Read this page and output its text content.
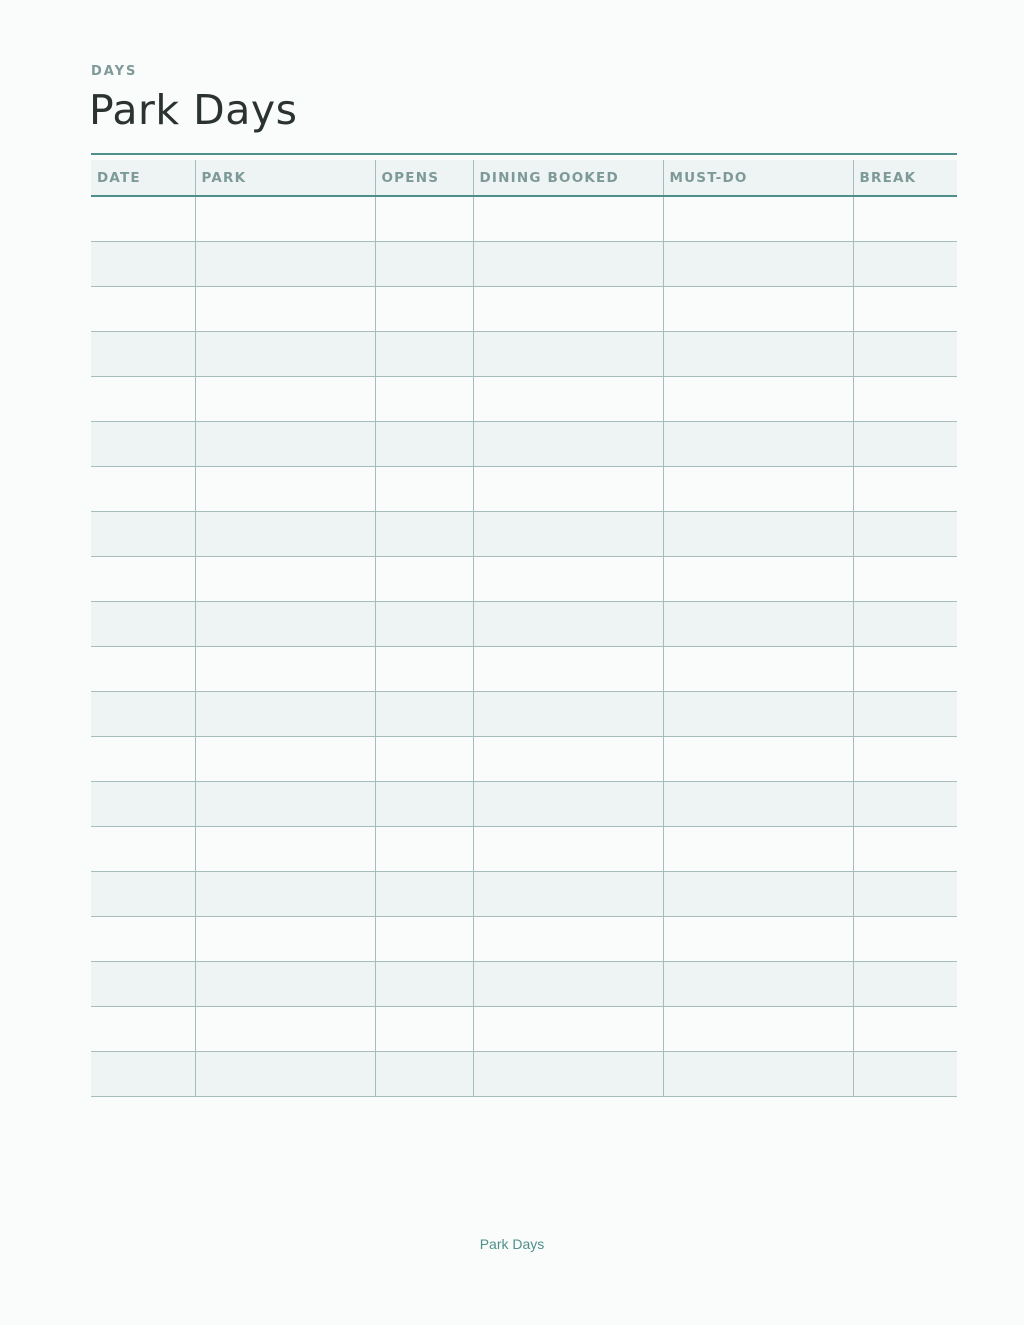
DAYS
Park Days
DATE	PARK	OPENS	DINING BOOKED	MUST-DO	BREAK

Park Days
